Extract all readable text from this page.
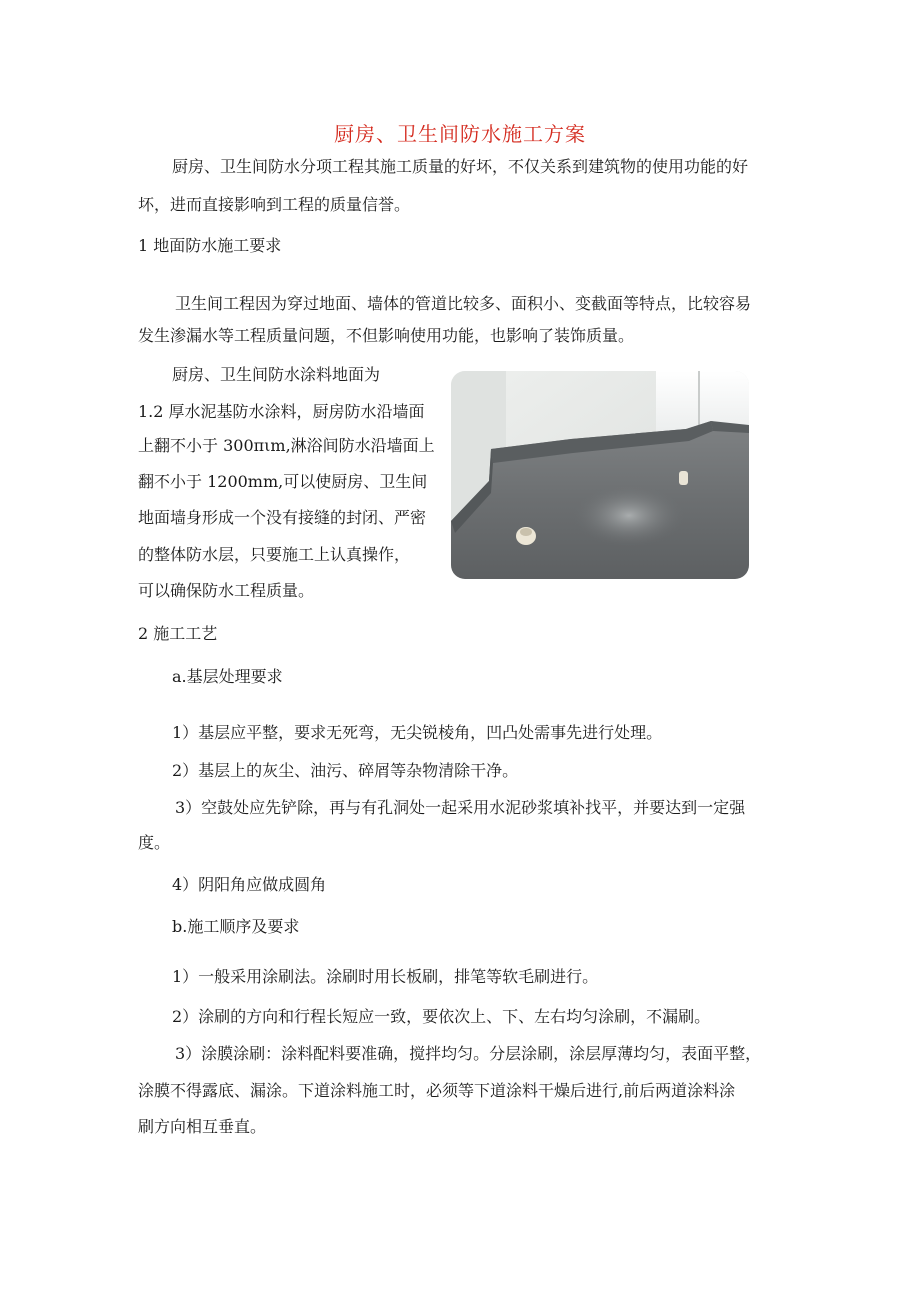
厨房、卫生间防水施工方案

厨房、卫生间防水分项工程其施工质量的好坏，不仅关系到建筑物的使用功能的好

坏，进而直接影响到工程的质量信誉。

1 地面防水施工要求

卫生间工程因为穿过地面、墙体的管道比较多、面积小、变截面等特点，比较容易

发生渗漏水等工程质量问题，不但影响使用功能，也影响了装饰质量。

厨房、卫生间防水涂料地面为

1.2 厚水泥基防水涂料，厨房防水沿墙面

上翻不小于 300πιm,淋浴间防水沿墙面上

翻不小于 1200mm,可以使厨房、卫生间

地面墙身形成一个没有接缝的封闭、严密

的整体防水层，只要施工上认真操作，

可以确保防水工程质量。

2 施工工艺

a.基层处理要求

1）基层应平整，要求无死弯，无尖锐棱角，凹凸处需事先进行处理。

2）基层上的灰尘、油污、碎屑等杂物清除干净。

3）空鼓处应先铲除，再与有孔洞处一起采用水泥砂浆填补找平，并要达到一定强

度。

4）阴阳角应做成圆角

b.施工顺序及要求

1）一般采用涂刷法。涂刷时用长板刷，排笔等软毛刷进行。

2）涂刷的方向和行程长短应一致，要依次上、下、左右均匀涂刷，不漏刷。

3）涂膜涂刷：涂料配料要准确，搅拌均匀。分层涂刷，涂层厚薄均匀，表面平整，

涂膜不得露底、漏涂。下道涂料施工时，必须等下道涂料干燥后进行,前后两道涂料涂

刷方向相互垂直。
